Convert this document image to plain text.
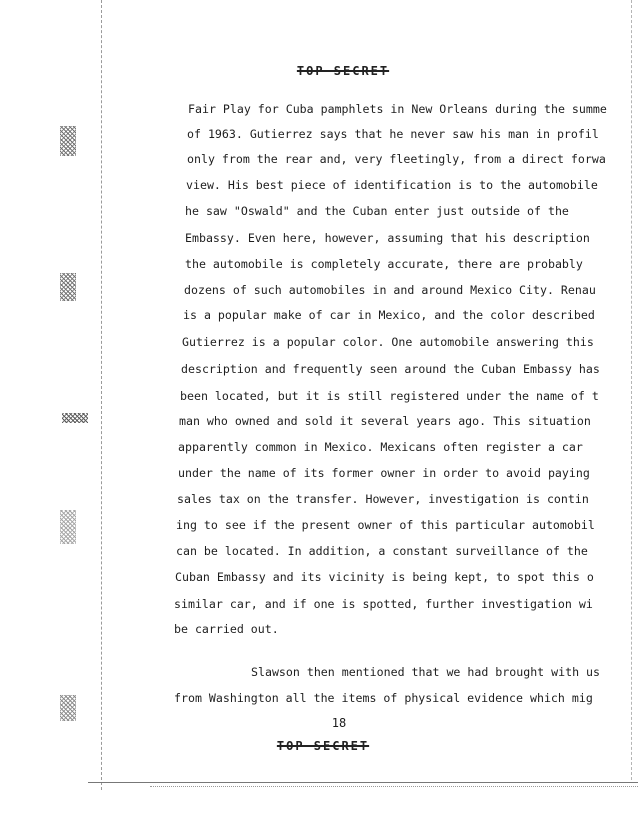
TOP SECRET
Fair Play for Cuba pamphlets in New Orleans during the summe
of 1963. Gutierrez says that he never saw his man in profil
only from the rear and, very fleetingly, from a direct forwa
view. His best piece of identification is to the automobile
he saw "Oswald" and the Cuban enter just outside of the
Embassy. Even here, however, assuming that his description
the automobile is completely accurate, there are probably
dozens of such automobiles in and around Mexico City. Renau
is a popular make of car in Mexico, and the color described
Gutierrez is a popular color. One automobile answering this
description and frequently seen around the Cuban Embassy has
been located, but it is still registered under the name of t
man who owned and sold it several years ago. This situation
apparently common in Mexico. Mexicans often register a car
under the name of its former owner in order to avoid paying
sales tax on the transfer. However, investigation is contin
ing to see if the present owner of this particular automobil
can be located. In addition, a constant surveillance of the
Cuban Embassy and its vicinity is being kept, to spot this o
similar car, and if one is spotted, further investigation wi
be carried out.
Slawson then mentioned that we had brought with us
from Washington all the items of physical evidence which mig
18
TOP SECRET
